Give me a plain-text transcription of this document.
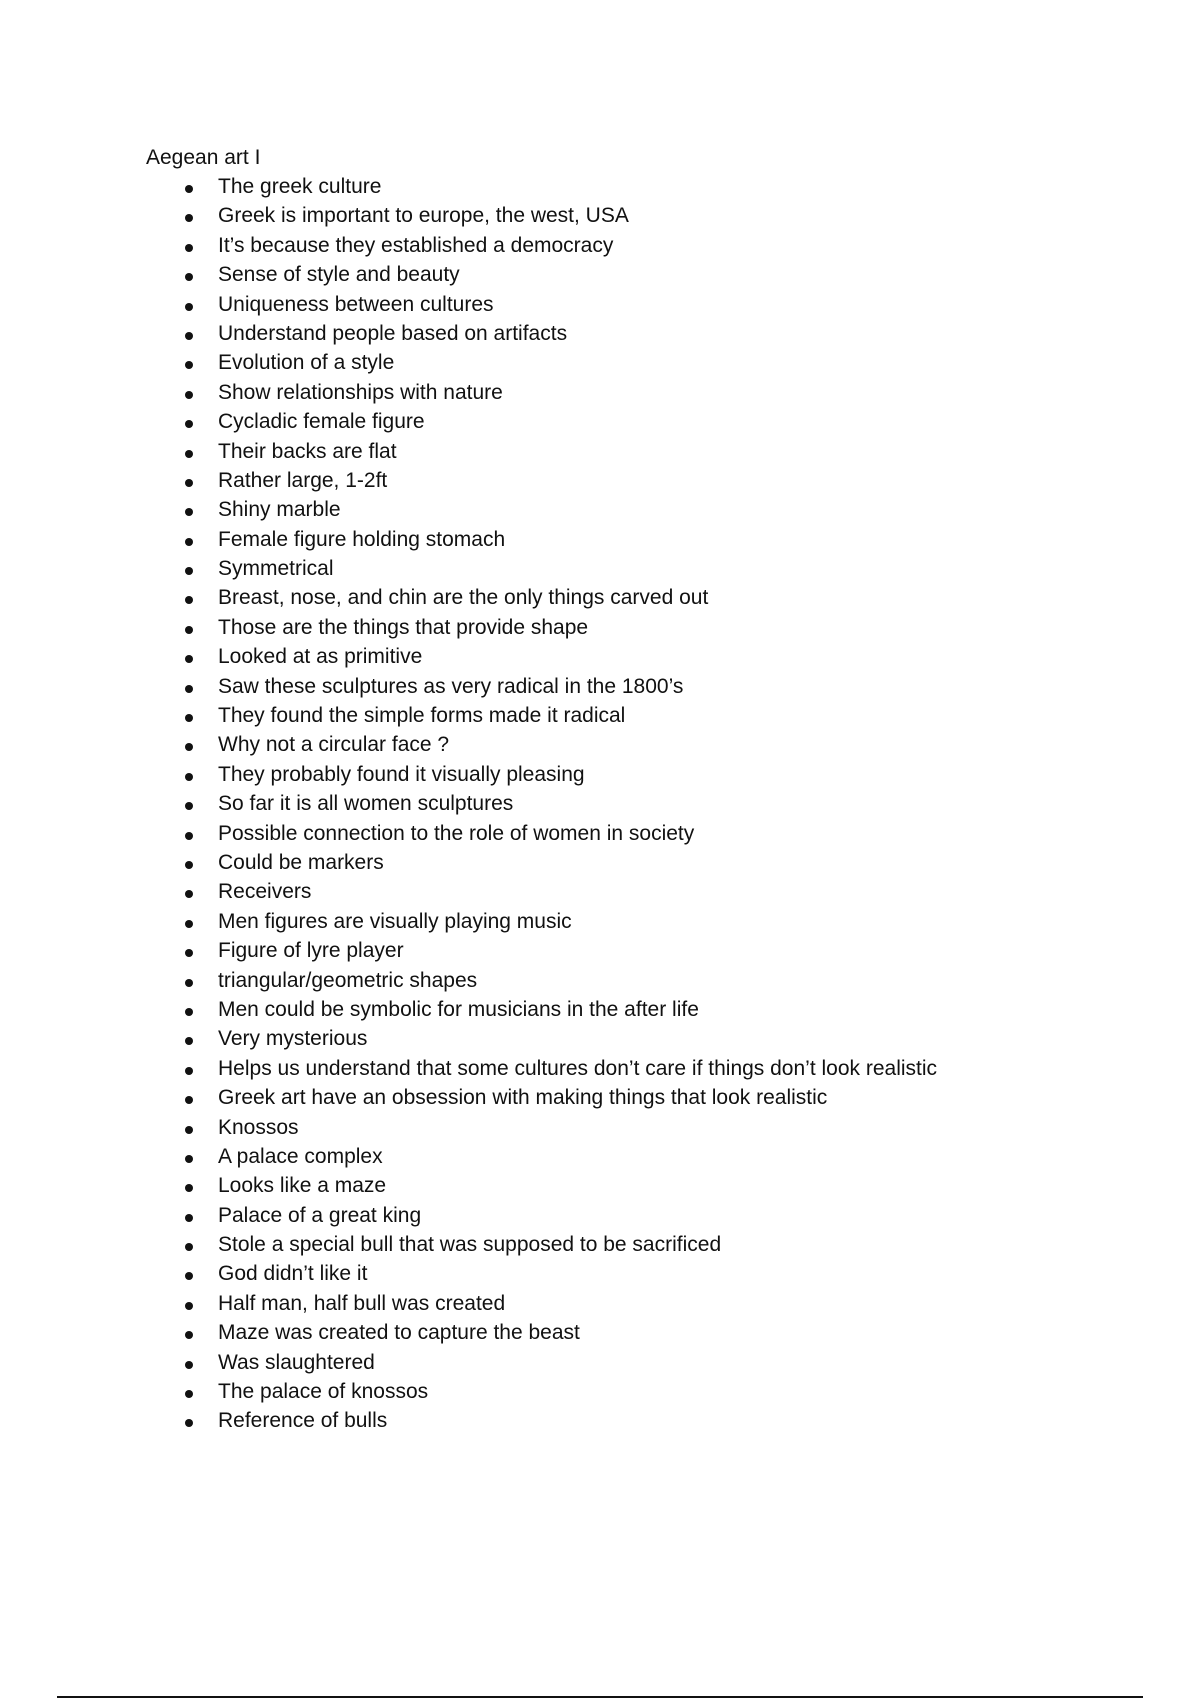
Aegean art I
The greek culture
Greek is important to europe, the west, USA
It’s because they established a democracy
Sense of style and beauty
Uniqueness between cultures
Understand people based on artifacts
Evolution of a style
Show relationships with nature
Cycladic female figure
Their backs are flat
Rather large, 1-2ft
Shiny marble
Female figure holding stomach
Symmetrical
Breast, nose, and chin are the only things carved out
Those are the things that provide shape
Looked at as primitive
Saw these sculptures as very radical in the 1800’s
They found the simple forms made it radical
Why not a circular face ?
They probably found it visually pleasing
So far it is all women sculptures
Possible connection to the role of women in society
Could be markers
Receivers
Men figures are visually playing music
Figure of lyre player
triangular/geometric shapes
Men could be symbolic for musicians in the after life
Very mysterious
Helps us understand that some cultures don’t care if things don’t look realistic
Greek art have an obsession with making things that look realistic
Knossos
A palace complex
Looks like a maze
Palace of a great king
Stole a special bull that was supposed to be sacrificed
God didn’t like it
Half man, half bull was created
Maze was created to capture the beast
Was slaughtered
The palace of knossos
Reference of bulls
